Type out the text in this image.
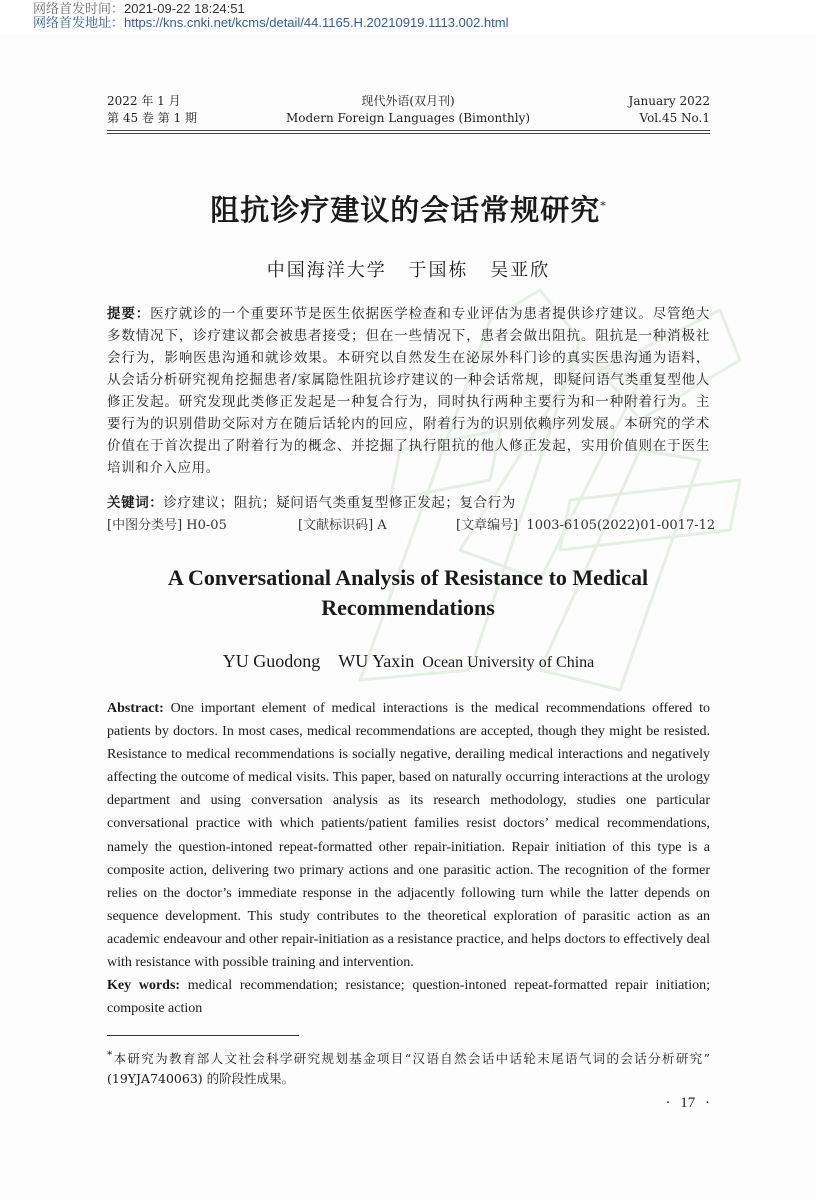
网络首发时间：2021-09-22 18:24:51
网络首发地址：https://kns.cnki.net/kcms/detail/44.1165.H.20210919.1113.002.html
2022 年 1 月
第 45 卷 第 1 期
现代外语(双月刊)
Modern Foreign Languages (Bimonthly)
January 2022
Vol.45 No.1
阻抗诊疗建议的会话常规研究*
中国海洋大学 于国栋 吴亚欣
提要：医疗就诊的一个重要环节是医生依据医学检查和专业评估为患者提供诊疗建议。尽管绝大多数情况下，诊疗建议都会被患者接受；但在一些情况下，患者会做出阻抗。阻抗是一种消极社会行为，影响医患沟通和就诊效果。本研究以自然发生在泌尿外科门诊的真实医患沟通为语料，从会话分析研究视角挖掘患者/家属隐性阻抗诊疗建议的一种会话常规，即疑问语气类重复型他人修正发起。研究发现此类修正发起是一种复合行为，同时执行两种主要行为和一种附着行为。主要行为的识别借助交际对方在随后话轮内的回应，附着行为的识别依赖序列发展。本研究的学术价值在于首次提出了附着行为的概念、并挖掘了执行阻抗的他人修正发起，实用价值则在于医生培训和介入应用。
关键词：诊疗建议；阻抗；疑问语气类重复型修正发起；复合行为
[中图分类号] H0-05	[文献标识码] A	[文章编号] 1003-6105(2022)01-0017-12
A Conversational Analysis of Resistance to Medical Recommendations
YU Guodong WU Yaxin Ocean University of China
Abstract: One important element of medical interactions is the medical recommendations offered to patients by doctors. In most cases, medical recommendations are accepted, though they might be resisted. Resistance to medical recommendations is socially negative, derailing medical interactions and negatively affecting the outcome of medical visits. This paper, based on naturally occurring interactions at the urology department and using conversation analysis as its research methodology, studies one particular conversational practice with which patients/patient families resist doctors’ medical recommendations, namely the question-intoned repeat-formatted other repair-initiation. Repair initiation of this type is a composite action, delivering two primary actions and one parasitic action. The recognition of the former relies on the doctor’s immediate response in the adjacently following turn while the latter depends on sequence development. This study contributes to the theoretical exploration of parasitic action as an academic endeavour and other repair-initiation as a resistance practice, and helps doctors to effectively deal with resistance with possible training and intervention.
Key words: medical recommendation; resistance; question-intoned repeat-formatted repair initiation; composite action
*本研究为教育部人文社会科学研究规划基金项目“汉语自然会话中话轮末尾语气词的会话分析研究” (19YJA740063) 的阶段性成果。
· 17 ·
